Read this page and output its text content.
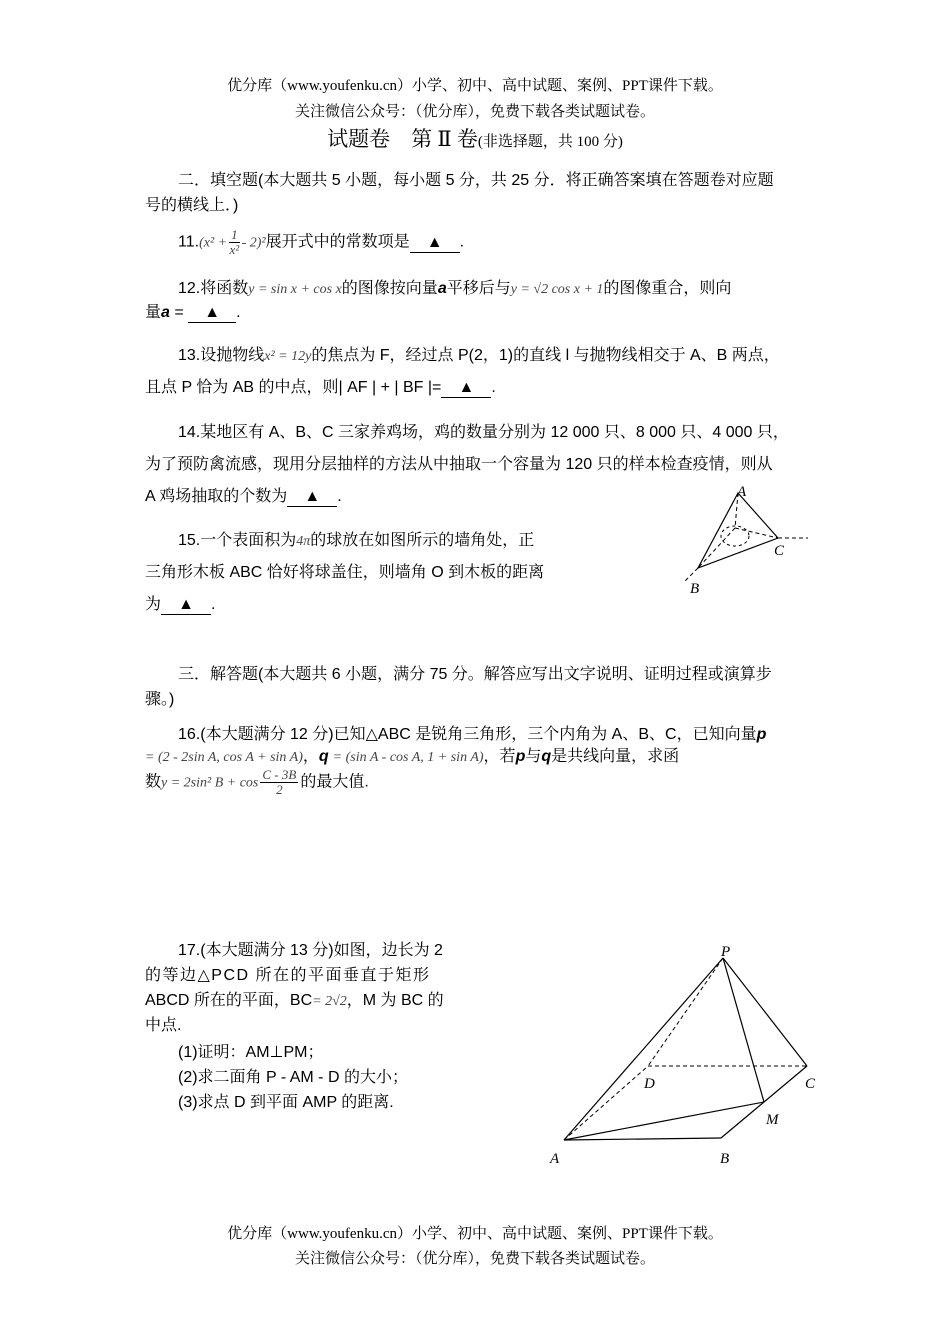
优分库（www.youfenku.cn）小学、初中、高中试题、案例、PPT课件下载。
关注微信公众号：（优分库），免费下载各类试题试卷。
试题卷　第 Ⅱ 卷(非选择题，共 100 分)
二．填空题(本大题共 5 小题，每小题 5 分，共 25 分．将正确答案填在答题卷对应题
号的横线上．)
$11.(x^2 + \frac{1}{\text{x²}} - 2)^2$展开式中的常数项是 ▲ .
12.将函数y = sin x + cos x的图像按向量a平移后与y = √2 cos x + 1的图像重合，则向
量a = ▲ .
13.设抛物线x² = 12y的焦点为 F，经过点 P(2，1)的直线 l 与抛物线相交于 A、B 两点，
且点 P 恰为 AB 的中点，则| AF | + | BF |= ▲ .
14.某地区有 A、B、C 三家养鸡场，鸡的数量分别为 12 000 只、8 000 只、4 000 只，
为了预防禽流感，现用分层抽样的方法从中抽取一个容量为 120 只的样本检查疫情，则从
A 鸡场抽取的个数为 ▲ .
15.一个表面积为4π的球放在如图所示的墙角处，正
三角形木板 ABC 恰好将球盖住，则墙角 O 到木板的距离
为 ▲ .
A
C
B
三．解答题(本大题共 6 小题，满分 75 分。解答应写出文字说明、证明过程或演算步
骤。)
16.(本大题满分 12 分)已知△ABC 是锐角三角形，三个内角为 A、B、C，已知向量p
= (2 - 2sin A, cos A + sin A)，q = (sin A - cos A, 1 + sin A)，若p与q是共线向量，求函
数y = 2sin² $B + \cos \frac{C - 3B}{2}$ 的最大值.
17.(本大题满分 13 分)如图，边长为 2
的等边△PCD 所在的平面垂直于矩形
ABCD 所在的平面，BC= 2√2，M 为 BC 的
中点.
(1)证明：AM⊥PM；
(2)求二面角 P - AM - D 的大小；
(3)求点 D 到平面 AMP 的距离.
P
D	C
M
A	B
优分库（www.youfenku.cn）小学、初中、高中试题、案例、PPT课件下载。
关注微信公众号：（优分库），免费下载各类试题试卷。
